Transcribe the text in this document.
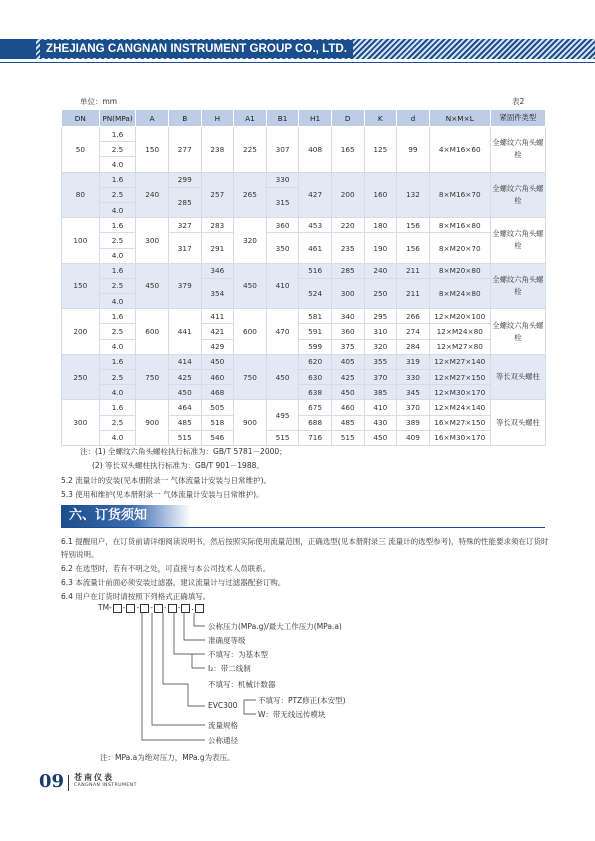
ZHEJIANG CANGNAN INSTRUMENT GROUP CO., LTD.
单位：mm	表2
DN	PN(MPa)	A	B	H	A1	B1	H1	D	K	d	N×M×L	紧固件类型
50	1.6	150	277	238	225	307	408	165	125	99	4×M16×60	全螺纹六角头螺栓
	2.5											
	4.0											
80	1.6	240	299	257	265	330	427	200	160	132	8×M16×70	全螺纹六角头螺栓
	2.5		285			315						
	4.0											
100	1.6	300	327	283	320	360	453	220	180	156	8×M16×80	全螺纹六角头螺栓
	2.5		317	291		350	461	235	190	156	8×M20×70	
	4.0											
150	1.6	450	379	346	450	410	516	285	240	211	8×M20×80	全螺纹六角头螺栓
	2.5			354			524	300	250	211	8×M24×80	
	4.0											
200	1.6	600	441	411	600	470	581	340	295	266	12×M20×100	全螺纹六角头螺栓
	2.5			421			591	360	310	274	12×M24×80	
	4.0			429			599	375	320	284	12×M27×80	
250	1.6	750	414	450	750	450	620	405	355	319	12×M27×140	等长双头螺柱
	2.5		425	460			630	425	370	330	12×M27×150	
	4.0		450	468			638	450	385	345	12×M30×170	
300	1.6	900	464	505	900	495	675	460	410	370	12×M24×140	等长双头螺柱
	2.5		485	518			688	485	430	389	16×M27×150	
	4.0		515	546		515	716	515	450	409	16×M30×170	
注：(1) 全螺纹六角头螺栓执行标准为：GB/T 5781－2000；
(2) 等长双头螺柱执行标准为：GB/T 901－1988。
5.2 流量计的安装(见本册附录一 气体流量计安装与日常维护)。
5.3 使用和维护(见本册附录一 气体流量计安装与日常维护)。
六、订货须知
6.1 提醒用户，在订货前请详细阅读说明书，然后按照实际使用流量范围，正确选型(见本册附录三 流量计的选型参考)，特殊的性能要求须在订货时特别说明。
6.2 在选型时，若有不明之处，可直接与本公司技术人员联系。
6.3 本流量计前面必须安装过滤器，建议流量计与过滤器配套订购。
6.4 用户在订货时请按照下列格式正确填写。
TM- - - - - - .
公称压力(MPa.g)/最大工作压力(MPa.a)
准确度等级
不填写：为基本型
I₂：带二线制
不填写：机械计数器
EVC300
不填写：PTZ修正(本安型)
W：带无线远传模块
流量规格
公称通径
注：MPa.a为绝对压力，MPa.g为表压。
09 苍南仪表
CANGNAN INSTRUMENT
